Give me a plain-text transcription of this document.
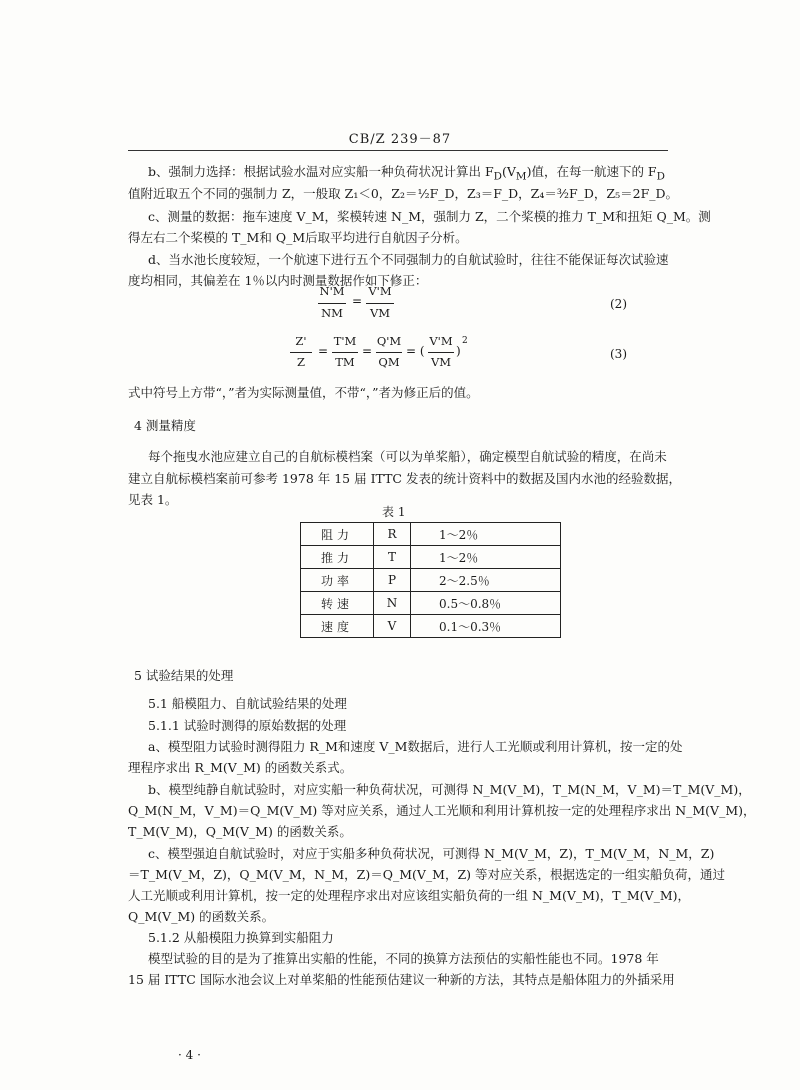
CB/Z 239－87
b、强制力选择：根据试验水温对应实船一种负荷状况计算出 $F_D(V_M)$值，在每一航速下的 $F_D$
值附近取五个不同的强制力 Z，一般取 Z₁＜0，Z₂＝½F_D，Z₃＝F_D，Z₄＝³⁄₂F_D，Z₅＝2F_D。
c、测量的数据：拖车速度 V_M，桨模转速 N_M，强制力 Z，二个桨模的推力 T_M和扭矩 Q_M。测
得左右二个桨模的 T_M和 Q_M后取平均进行自航因子分析。
d、当水池长度较短，一个航速下进行五个不同强制力的自航试验时，往往不能保证每次试验速
度均相同，其偏差在 1％以内时测量数据作如下修正：
N'M
NM
=
V'M
VM
(2)
Z'
Z
=
T'M
TM
=
Q'M
QM
= (
V'M
VM
)
2
(3)
式中符号上方带“，”者为实际测量值，不带“，”者为修正后的值。
4 测量精度
每个拖曳水池应建立自己的自航标模档案（可以为单桨船），确定模型自航试验的精度，在尚未
建立自航标模档案前可参考 1978 年 15 届 ITTC 发表的统计资料中的数据及国内水池的经验数据，
见表 1。
表 1
阻力	R	1～2％
推力	T	1～2％
功率	P	2～2.5％
转速	N	0.5～0.8％
速度	V	0.1～0.3％
5 试验结果的处理
5.1 船模阻力、自航试验结果的处理
5.1.1 试验时测得的原始数据的处理
a、模型阻力试验时测得阻力 R_M和速度 V_M数据后，进行人工光顺或利用计算机，按一定的处
理程序求出 R_M(V_M) 的函数关系式。
b、模型纯静自航试验时，对应实船一种负荷状况，可测得 N_M(V_M)，T_M(N_M，V_M)＝T_M(V_M)，
Q_M(N_M，V_M)＝Q_M(V_M) 等对应关系，通过人工光顺和利用计算机按一定的处理程序求出 N_M(V_M)，
T_M(V_M)，Q_M(V_M) 的函数关系。
c、模型强迫自航试验时，对应于实船多种负荷状况，可测得 N_M(V_M，Z)，T_M(V_M，N_M，Z)
＝T_M(V_M，Z)，Q_M(V_M，N_M，Z)＝Q_M(V_M，Z) 等对应关系，根据选定的一组实船负荷，通过
人工光顺或利用计算机，按一定的处理程序求出对应该组实船负荷的一组 N_M(V_M)，T_M(V_M)，
Q_M(V_M) 的函数关系。
5.1.2 从船模阻力换算到实船阻力
模型试验的目的是为了推算出实船的性能，不同的换算方法预估的实船性能也不同。1978 年
15 届 ITTC 国际水池会议上对单桨船的性能预估建议一种新的方法，其特点是船体阻力的外插采用
· 4 ·
